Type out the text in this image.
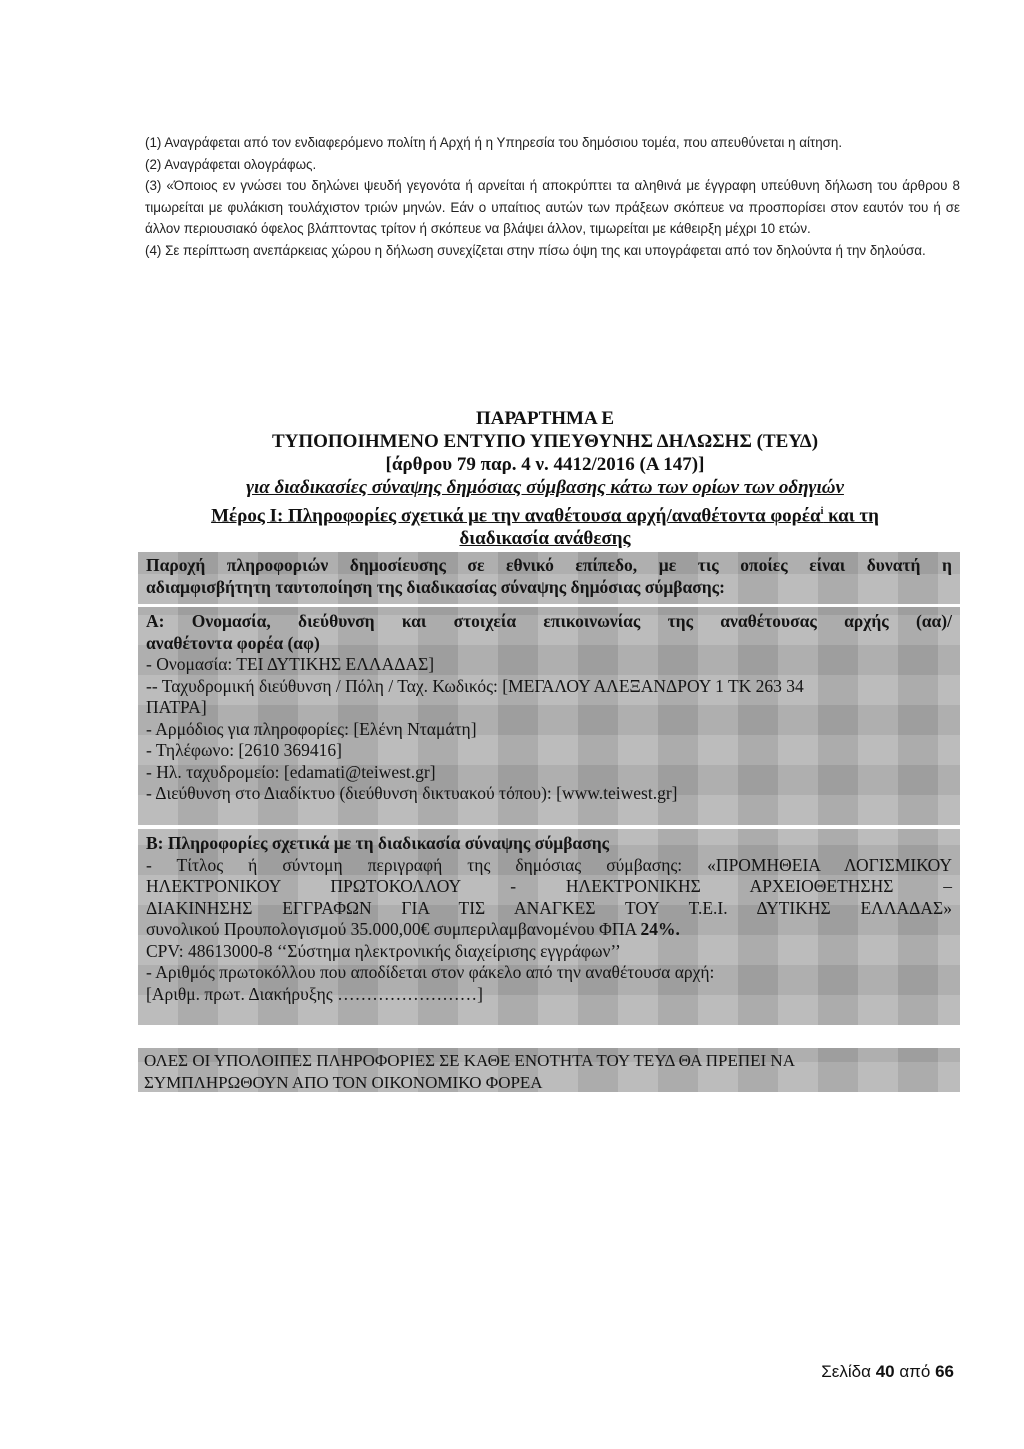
(1) Αναγράφεται από τον ενδιαφερόμενο πολίτη ή Αρχή ή η Υπηρεσία του δημόσιου τομέα, που απευθύνεται η αίτηση.

(2) Αναγράφεται ολογράφως.

(3) «Όποιος εν γνώσει του δηλώνει ψευδή γεγονότα ή αρνείται ή αποκρύπτει τα αληθινά με έγγραφη υπεύθυνη δήλωση του άρθρου 8 τιμωρείται με φυλάκιση τουλάχιστον τριών μηνών. Εάν ο υπαίτιος αυτών των πράξεων σκόπευε να προσπορίσει στον εαυτόν του ή σε άλλον περιουσιακό όφελος βλάπτοντας τρίτον ή σκόπευε να βλάψει άλλον, τιμωρείται με κάθειρξη μέχρι 10 ετών.

(4) Σε περίπτωση ανεπάρκειας χώρου η δήλωση συνεχίζεται στην πίσω όψη της και υπογράφεται από τον δηλούντα ή την δηλούσα.

ΠΑΡΑΡΤΗΜΑ Ε
ΤΥΠΟΠΟΙΗΜΕΝΟ ΕΝΤΥΠΟ ΥΠΕΥΘΥΝΗΣ ΔΗΛΩΣΗΣ (ΤΕΥΔ)
[άρθρου 79 παρ. 4 ν. 4412/2016 (Α 147)]
για διαδικασίες σύναψης δημόσιας σύμβασης κάτω των ορίων των οδηγιών
Μέρος Ι: Πληροφορίες σχετικά με την αναθέτουσα αρχή/αναθέτοντα φορέα$^i$ και τη
διαδικασία ανάθεσης
Παροχή πληροφοριών δημοσίευσης σε εθνικό επίπεδο, με τις οποίες είναι δυνατή η
αδιαμφισβήτητη ταυτοποίηση της διαδικασίας σύναψης δημόσιας σύμβασης:
Α: Ονομασία, διεύθυνση και στοιχεία επικοινωνίας της αναθέτουσας αρχής (αα)/
αναθέτοντα φορέα (αφ)
- Ονομασία: ΤΕΙ ΔΥΤΙΚΗΣ ΕΛΛΑΔΑΣ]
-- Ταχυδρομική διεύθυνση / Πόλη / Ταχ. Κωδικός: [ΜΕΓΑΛΟΥ ΑΛΕΞΑΝΔΡΟΥ 1 ΤΚ 263 34
ΠΑΤΡΑ]
- Αρμόδιος για πληροφορίες: [Ελένη Νταμάτη]
- Τηλέφωνο: [2610 369416]
- Ηλ. ταχυδρομείο: [edamati@teiwest.gr]
- Διεύθυνση στο Διαδίκτυο (διεύθυνση δικτυακού τόπου): [www.teiwest.gr]
Β: Πληροφορίες σχετικά με τη διαδικασία σύναψης σύμβασης
- Τίτλος ή σύντομη περιγραφή της δημόσιας σύμβασης: «ΠΡΟΜΗΘΕΙΑ ΛΟΓΙΣΜΙΚΟΥ
ΗΛΕΚΤΡΟΝΙΚΟΥ ΠΡΩΤΟΚΟΛΛΟΥ - ΗΛΕΚΤΡΟΝΙΚΗΣ ΑΡΧΕΙΟΘΕΤΗΣΗΣ –
ΔΙΑΚΙΝΗΣΗΣ ΕΓΓΡΑΦΩΝ ΓΙΑ ΤΙΣ ΑΝΑΓΚΕΣ ΤΟΥ Τ.Ε.Ι. ΔΥΤΙΚΗΣ ΕΛΛΑΔΑΣ»
συνολικού Προυπολογισμού 35.000,00€ συμπεριλαμβανομένου ΦΠΑ 24%.
CPV: 48613000-8 ‘‘Σύστημα ηλεκτρονικής διαχείρισης εγγράφων’’
- Αριθμός πρωτοκόλλου που αποδίδεται στον φάκελο από την αναθέτουσα αρχή:
[Αριθμ. πρωτ. Διακήρυξης ……………………]
ΟΛΕΣ ΟΙ ΥΠΟΛΟΙΠΕΣ ΠΛΗΡΟΦΟΡΙΕΣ ΣΕ ΚΑΘΕ ΕΝΟΤΗΤΑ ΤΟΥ ΤΕΥΔ ΘΑ ΠΡΕΠΕΙ ΝΑ
ΣΥΜΠΛΗΡΩΘΟΥΝ ΑΠΟ ΤΟΝ ΟΙΚΟΝΟΜΙΚΟ ΦΟΡΕΑ
Σελίδα 40 από 66
